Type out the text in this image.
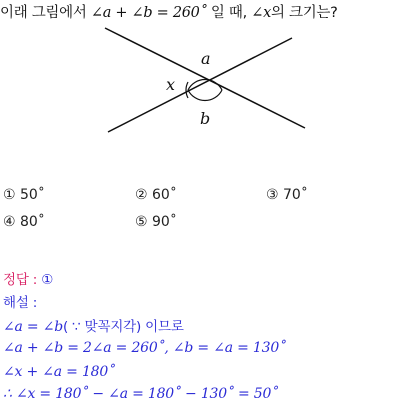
이래 그림에서 ∠a + ∠b = 260˚ 일 때, ∠x의 크기는?
a
b
x
① 50˚	② 60˚	③ 70˚
④ 80˚	⑤ 90˚
정답 : ①
해설 :
∠a = ∠b( ∵ 맞꼭지각) 이므로
∠a + ∠b = 2∠a = 260˚, ∠b = ∠a = 130˚
∠x + ∠a = 180˚
∴ ∠x = 180˚ − ∠a = 180˚ − 130˚ = 50˚
